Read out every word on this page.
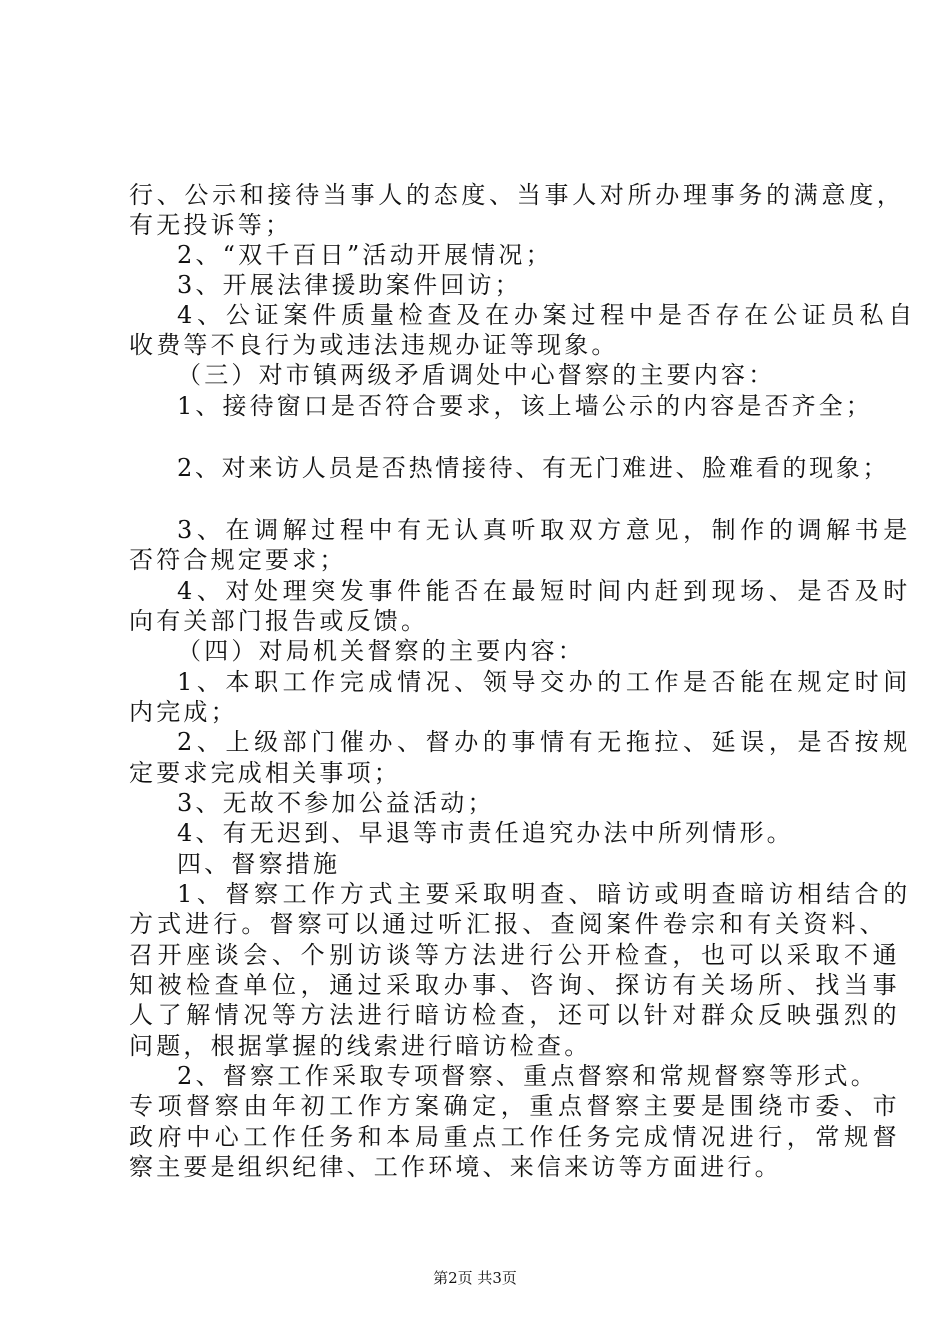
行、公示和接待当事人的态度、当事人对所办理事务的满意度，
有无投诉等；
2、“双千百日”活动开展情况；
3、开展法律援助案件回访；
4、公证案件质量检查及在办案过程中是否存在公证员私自
收费等不良行为或违法违规办证等现象。
（三）对市镇两级矛盾调处中心督察的主要内容：
1、接待窗口是否符合要求，该上墙公示的内容是否齐全；
2、对来访人员是否热情接待、有无门难进、脸难看的现象；
3、在调解过程中有无认真听取双方意见，制作的调解书是
否符合规定要求；
4、对处理突发事件能否在最短时间内赶到现场、是否及时
向有关部门报告或反馈。
（四）对局机关督察的主要内容：
1、本职工作完成情况、领导交办的工作是否能在规定时间
内完成；
2、上级部门催办、督办的事情有无拖拉、延误，是否按规
定要求完成相关事项；
3、无故不参加公益活动；
4、有无迟到、早退等市责任追究办法中所列情形。
四、督察措施
1、督察工作方式主要采取明查、暗访或明查暗访相结合的
方式进行。督察可以通过听汇报、查阅案件卷宗和有关资料、
召开座谈会、个别访谈等方法进行公开检查，也可以采取不通
知被检查单位，通过采取办事、咨询、探访有关场所、找当事
人了解情况等方法进行暗访检查，还可以针对群众反映强烈的
问题，根据掌握的线索进行暗访检查。
2、督察工作采取专项督察、重点督察和常规督察等形式。
专项督察由年初工作方案确定，重点督察主要是围绕市委、市
政府中心工作任务和本局重点工作任务完成情况进行，常规督
察主要是组织纪律、工作环境、来信来访等方面进行。
第2页 共3页
